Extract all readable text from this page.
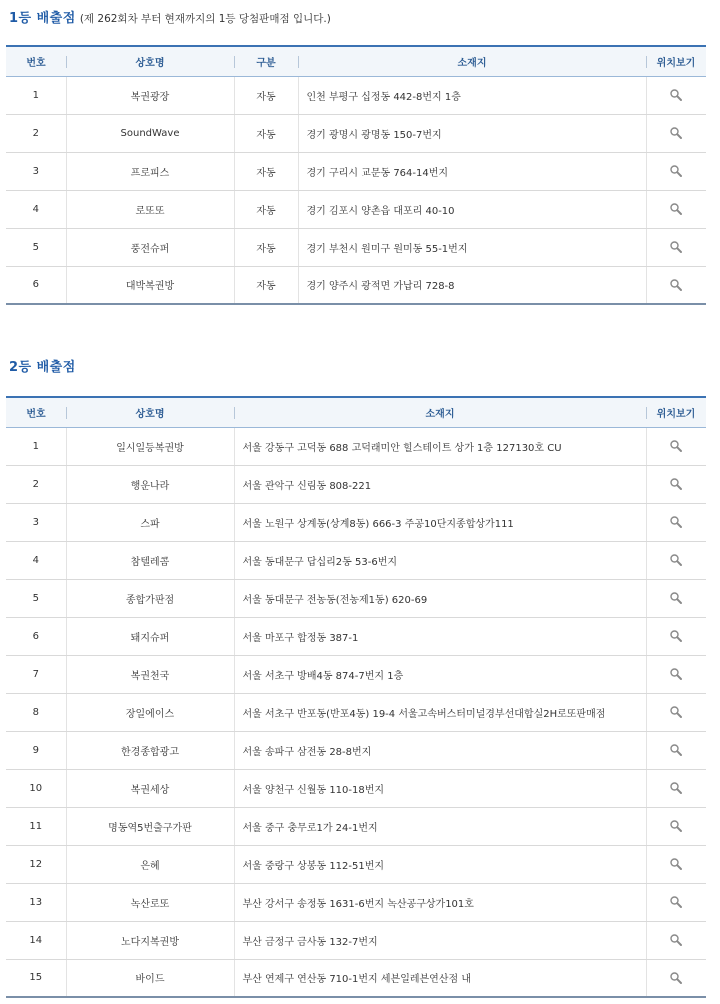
1등 배출점 (제 262회차 부터 현재까지의 1등 당첨판매점 입니다.)
번호	상호명	구분	소재지	위치보기
1	복권광장	자동	인천 부평구 십정동 442-8번지 1층	
2	SoundWave	자동	경기 광명시 광명동 150-7번지	
3	프로피스	자동	경기 구리시 교문동 764-14번지	
4	로또또	자동	경기 김포시 양촌읍 대포리 40-10	
5	풍전슈퍼	자동	경기 부천시 원미구 원미동 55-1번지	
6	대박복권방	자동	경기 양주시 광적면 가납리 728-8	
2등 배출점
번호	상호명	소재지	위치보기
1	일시일등복권방	서울 강동구 고덕동 688 고덕래미안 힐스테이트 상가 1층 127130호 CU	
2	행운나라	서울 관악구 신림동 808-221	
3	스파	서울 노원구 상계동(상계8동) 666-3 주공10단지종합상가111	
4	참텔레콤	서울 동대문구 답십리2동 53-6번지	
5	종합가판점	서울 동대문구 전농동(전농제1동) 620-69	
6	돼지슈퍼	서울 마포구 합정동 387-1	
7	복권천국	서울 서초구 방배4동 874-7번지 1층	
8	장일에이스	서울 서초구 반포동(반포4동) 19-4 서울고속버스터미널경부선대합실2H로또판매점	
9	한경종합광고	서울 송파구 삼전동 28-8번지	
10	복권세상	서울 양천구 신월동 110-18번지	
11	명동역5번출구가판	서울 중구 충무로1가 24-1번지	
12	은혜	서울 중랑구 상봉동 112-51번지	
13	녹산로또	부산 강서구 송정동 1631-6번지 녹산공구상가101호	
14	노다지복권방	부산 금정구 금사동 132-7번지	
15	바이드	부산 연제구 연산동 710-1번지 세븐일레븐연산점 내	
